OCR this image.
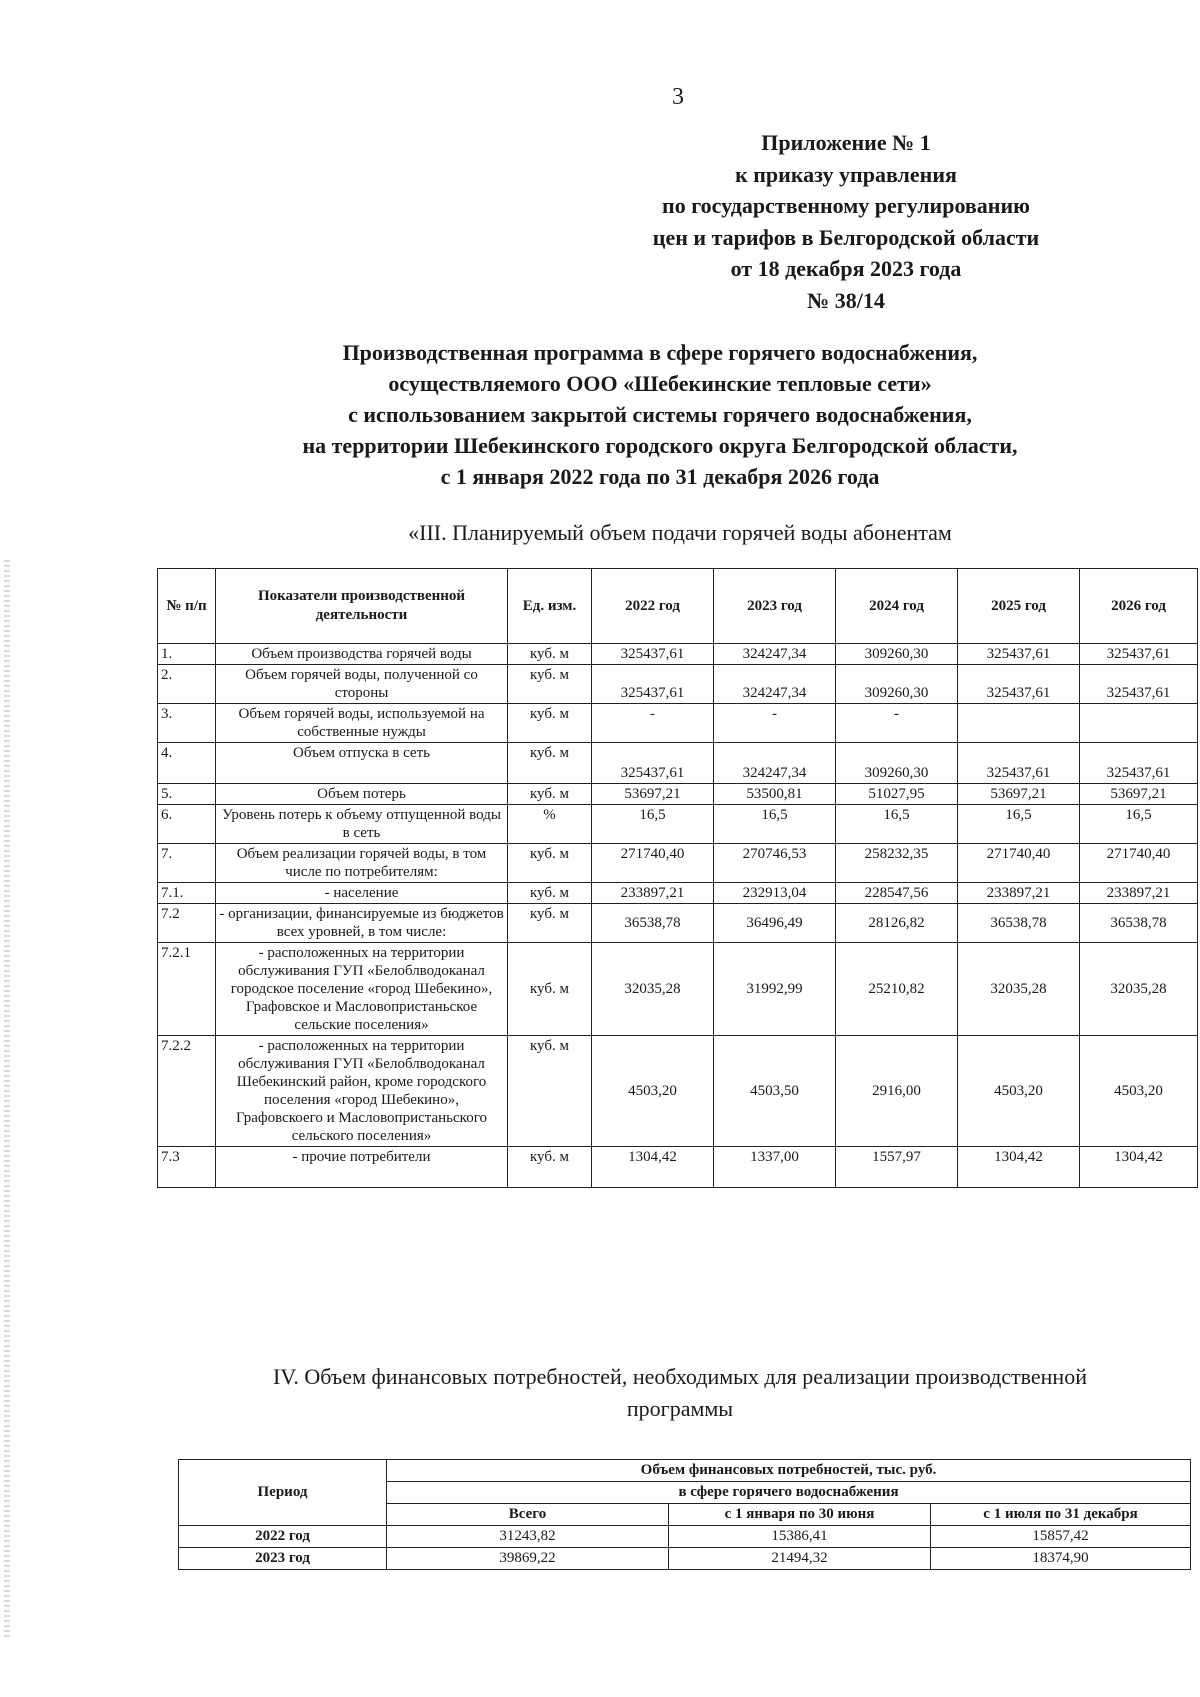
3
Приложение № 1
к приказу управления
по государственному регулированию
цен и тарифов в Белгородской области
от 18 декабря 2023 года
№ 38/14
Производственная программа в сфере горячего водоснабжения,
осуществляемого ООО «Шебекинские тепловые сети»
с использованием закрытой системы горячего водоснабжения,
на территории Шебекинского городского округа Белгородской области,
с 1 января 2022 года по 31 декабря 2026 года
«III. Планируемый объем подачи горячей воды абонентам
№ п/п	Показатели производственной деятельности	Ед. изм.	2022 год	2023 год	2024 год	2025 год	2026 год
1.	Объем производства горячей воды	куб. м	325437,61	324247,34	309260,30	325437,61	325437,61
2.	Объем горячей воды, полученной со стороны	куб. м	325437,61	324247,34	309260,30	325437,61	325437,61
3.	Объем горячей воды, используемой на собственные нужды	куб. м	-	-	-		
4.	Объем отпуска в сеть	куб. м	325437,61	324247,34	309260,30	325437,61	325437,61
5.	Объем потерь	куб. м	53697,21	53500,81	51027,95	53697,21	53697,21
6.	Уровень потерь к объему отпущенной воды в сеть	%	16,5	16,5	16,5	16,5	16,5
7.	Объем реализации горячей воды, в том числе по потребителям:	куб. м	271740,40	270746,53	258232,35	271740,40	271740,40
7.1.	- население	куб. м	233897,21	232913,04	228547,56	233897,21	233897,21
7.2	- организации, финансируемые из бюджетов всех уровней, в том числе:	куб. м	36538,78	36496,49	28126,82	36538,78	36538,78
7.2.1	- расположенных на территории обслуживания ГУП «Белоблводоканал городское поселение «город Шебекино», Графовское и Масловопристаньское сельские поселения»	куб. м	32035,28	31992,99	25210,82	32035,28	32035,28
7.2.2	- расположенных на территории обслуживания ГУП «Белоблводоканал Шебекинский район, кроме городского поселения «город Шебекино», Графовскоего и Масловопристаньского сельского поселения»	куб. м	4503,20	4503,50	2916,00	4503,20	4503,20
7.3	- прочие потребители	куб. м	1304,42	1337,00	1557,97	1304,42	1304,42
IV. Объем финансовых потребностей, необходимых для реализации производственной программы
Период	Объем финансовых потребностей, тыс. руб.		
	в сфере горячего водоснабжения		
	Всего	с 1 января по 30 июня	с 1 июля по 31 декабря
2022 год	31243,82	15386,41	15857,42
2023 год	39869,22	21494,32	18374,90
